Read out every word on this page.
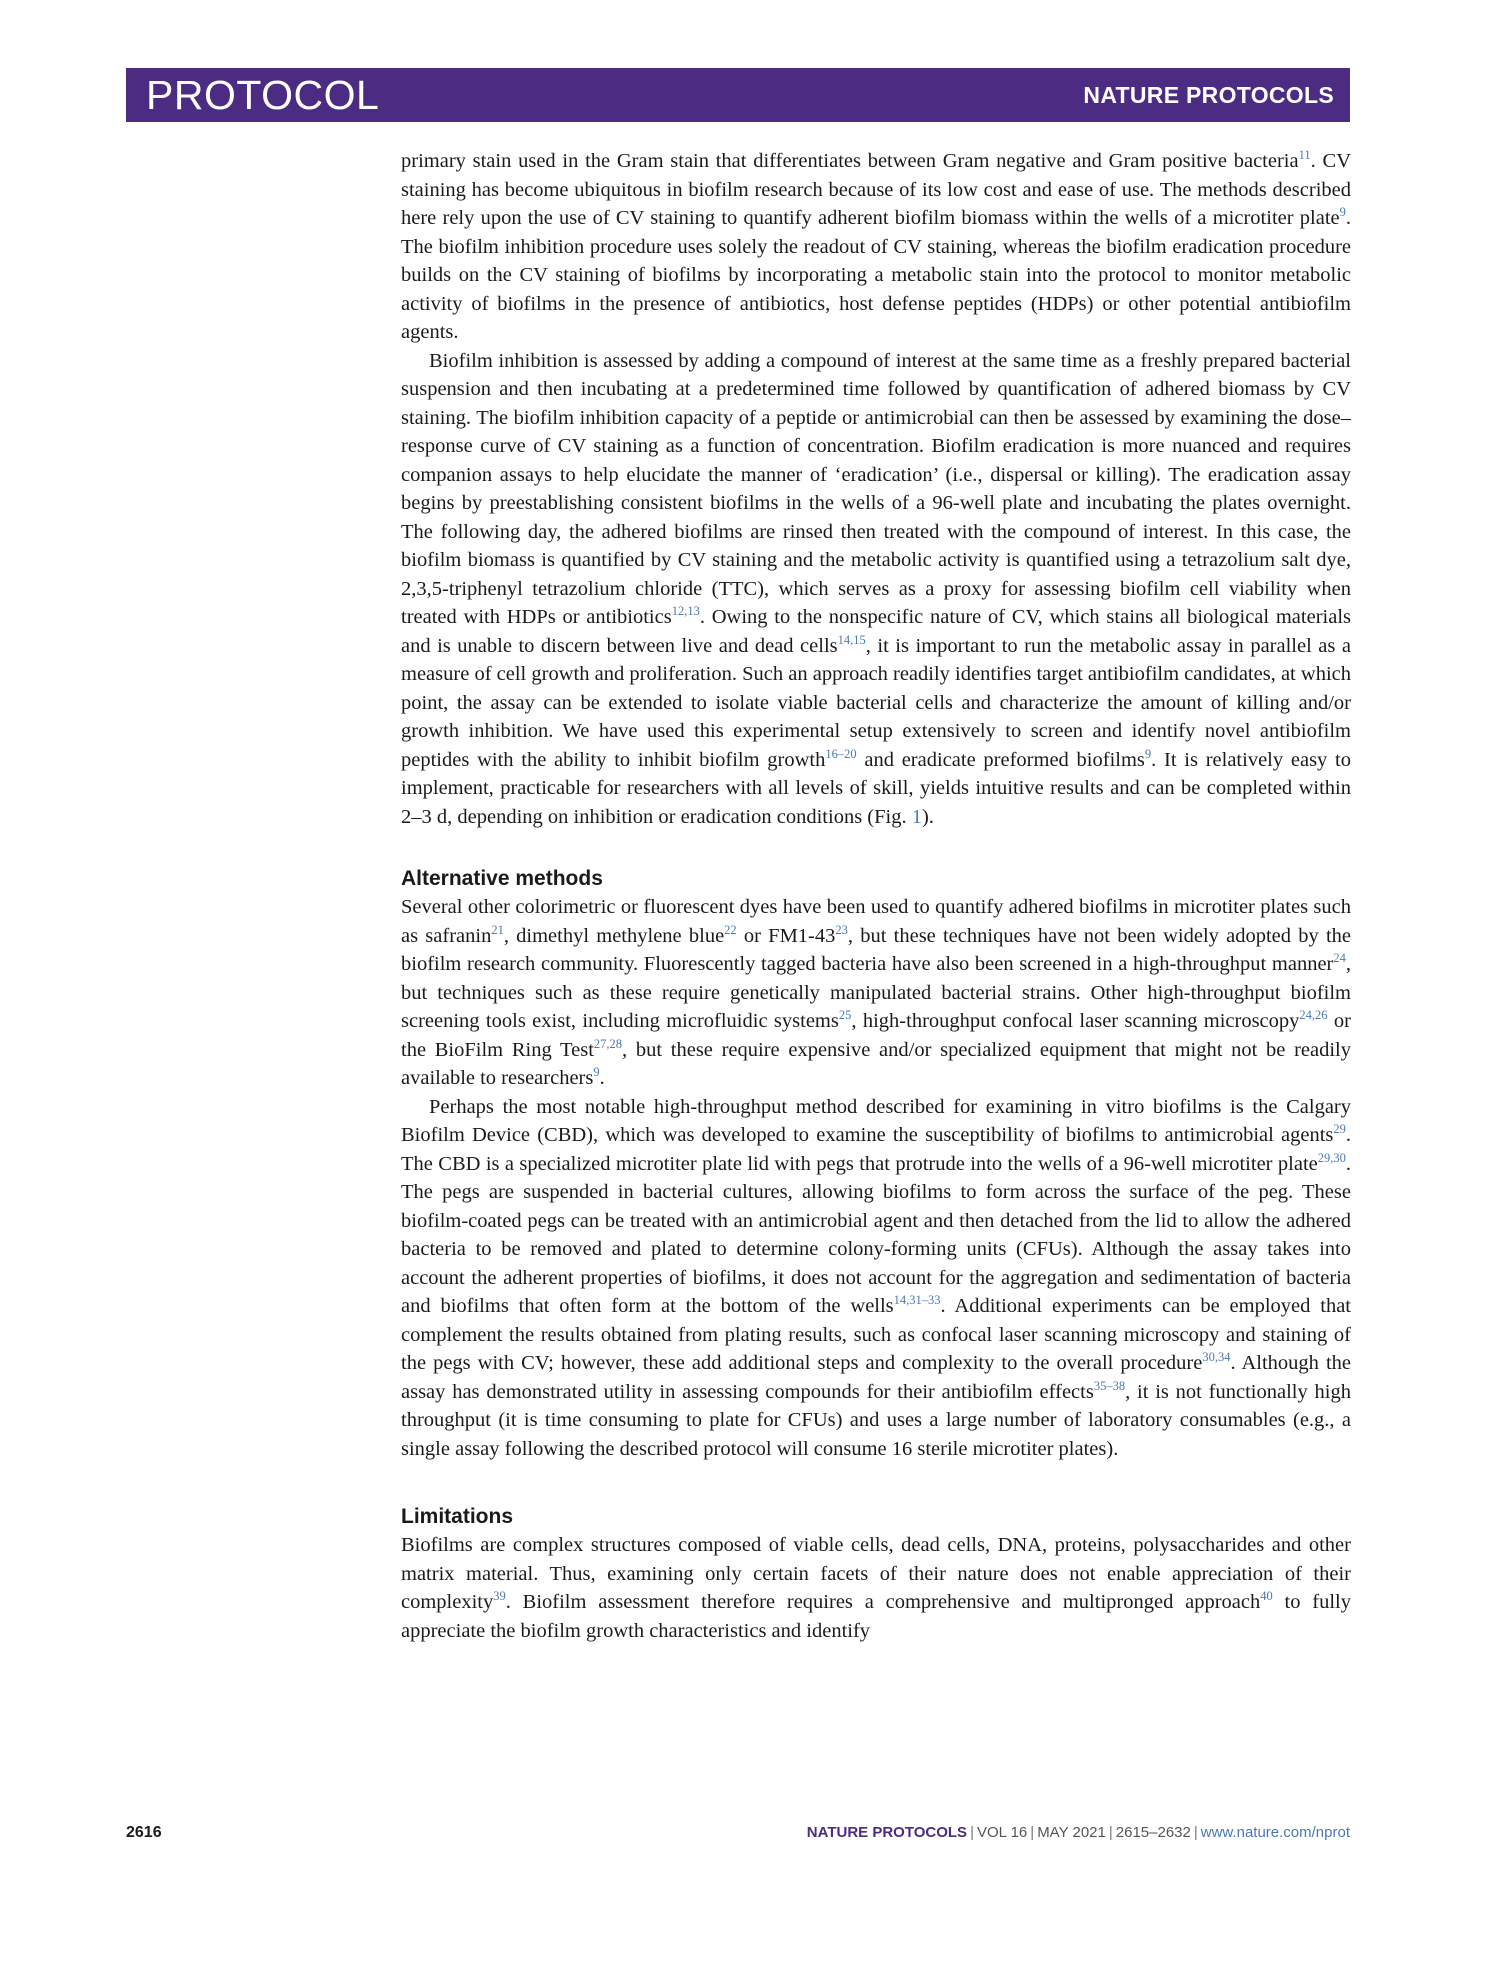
PROTOCOL	NATURE PROTOCOLS

primary stain used in the Gram stain that differentiates between Gram negative and Gram positive bacteria$^{11}$. CV staining has become ubiquitous in biofilm research because of its low cost and ease of use. The methods described here rely upon the use of CV staining to quantify adherent biofilm biomass within the wells of a microtiter plate$^9$. The biofilm inhibition procedure uses solely the readout of CV staining, whereas the biofilm eradication procedure builds on the CV staining of biofilms by incorporating a metabolic stain into the protocol to monitor metabolic activity of biofilms in the presence of antibiotics, host defense peptides (HDPs) or other potential antibiofilm agents.

Biofilm inhibition is assessed by adding a compound of interest at the same time as a freshly prepared bacterial suspension and then incubating at a predetermined time followed by quantification of adhered biomass by CV staining. The biofilm inhibition capacity of a peptide or antimicrobial can then be assessed by examining the dose–response curve of CV staining as a function of concentration. Biofilm eradication is more nuanced and requires companion assays to help elucidate the manner of ‘eradication’ (i.e., dispersal or killing). The eradication assay begins by preestablishing consistent biofilms in the wells of a 96-well plate and incubating the plates overnight. The following day, the adhered biofilms are rinsed then treated with the compound of interest. In this case, the biofilm biomass is quantified by CV staining and the metabolic activity is quantified using a tetrazolium salt dye, 2,3,5-triphenyl tetrazolium chloride (TTC), which serves as a proxy for assessing biofilm cell viability when treated with HDPs or antibiotics$^{12,13}$. Owing to the nonspecific nature of CV, which stains all biological materials and is unable to discern between live and dead cells$^{14,15}$, it is important to run the metabolic assay in parallel as a measure of cell growth and proliferation. Such an approach readily identifies target antibiofilm candidates, at which point, the assay can be extended to isolate viable bacterial cells and characterize the amount of killing and/or growth inhibition. We have used this experimental setup extensively to screen and identify novel antibiofilm peptides with the ability to inhibit biofilm growth$^{16-20}$ and eradicate preformed biofilms$^9$. It is relatively easy to implement, practicable for researchers with all levels of skill, yields intuitive results and can be completed within 2–3 d, depending on inhibition or eradication conditions (Fig. 1).

Alternative methods

Several other colorimetric or fluorescent dyes have been used to quantify adhered biofilms in microtiter plates such as safranin$^{21}$, dimethyl methylene blue$^{22}$ or $FM1-43^{23}$, but these techniques have not been widely adopted by the biofilm research community. Fluorescently tagged bacteria have also been screened in a high-throughput manner$^{24}$, but techniques such as these require genetically manipulated bacterial strains. Other high-throughput biofilm screening tools exist, including microfluidic systems$^{25}$, high-throughput confocal laser scanning microscopy$^{24,26}$ or the BioFilm Ring Test$^{27,28}$, but these require expensive and/or specialized equipment that might not be readily available to researchers$^9$.

Perhaps the most notable high-throughput method described for examining in vitro biofilms is the Calgary Biofilm Device (CBD), which was developed to examine the susceptibility of biofilms to antimicrobial agents$^{29}$. The CBD is a specialized microtiter plate lid with pegs that protrude into the wells of a 96-well microtiter plate$^{29,30}$. The pegs are suspended in bacterial cultures, allowing biofilms to form across the surface of the peg. These biofilm-coated pegs can be treated with an antimicrobial agent and then detached from the lid to allow the adhered bacteria to be removed and plated to determine colony-forming units (CFUs). Although the assay takes into account the adherent properties of biofilms, it does not account for the aggregation and sedimentation of bacteria and biofilms that often form at the bottom of the wells$^{14,31-33}$. Additional experiments can be employed that complement the results obtained from plating results, such as confocal laser scanning microscopy and staining of the pegs with CV; however, these add additional steps and complexity to the overall procedure$^{30,34}$. Although the assay has demonstrated utility in assessing compounds for their antibiofilm effects$^{35-38}$, it is not functionally high throughput (it is time consuming to plate for CFUs) and uses a large number of laboratory consumables (e.g., a single assay following the described protocol will consume 16 sterile microtiter plates).

Limitations

Biofilms are complex structures composed of viable cells, dead cells, DNA, proteins, polysaccharides and other matrix material. Thus, examining only certain facets of their nature does not enable appreciation of their complexity$^{39}$. Biofilm assessment therefore requires a comprehensive and multipronged approach$^{40}$ to fully appreciate the biofilm growth characteristics and identify

2616	NATURE PROTOCOLS | VOL 16 | MAY 2021 | 2615–2632 | www.nature.com/nprot
